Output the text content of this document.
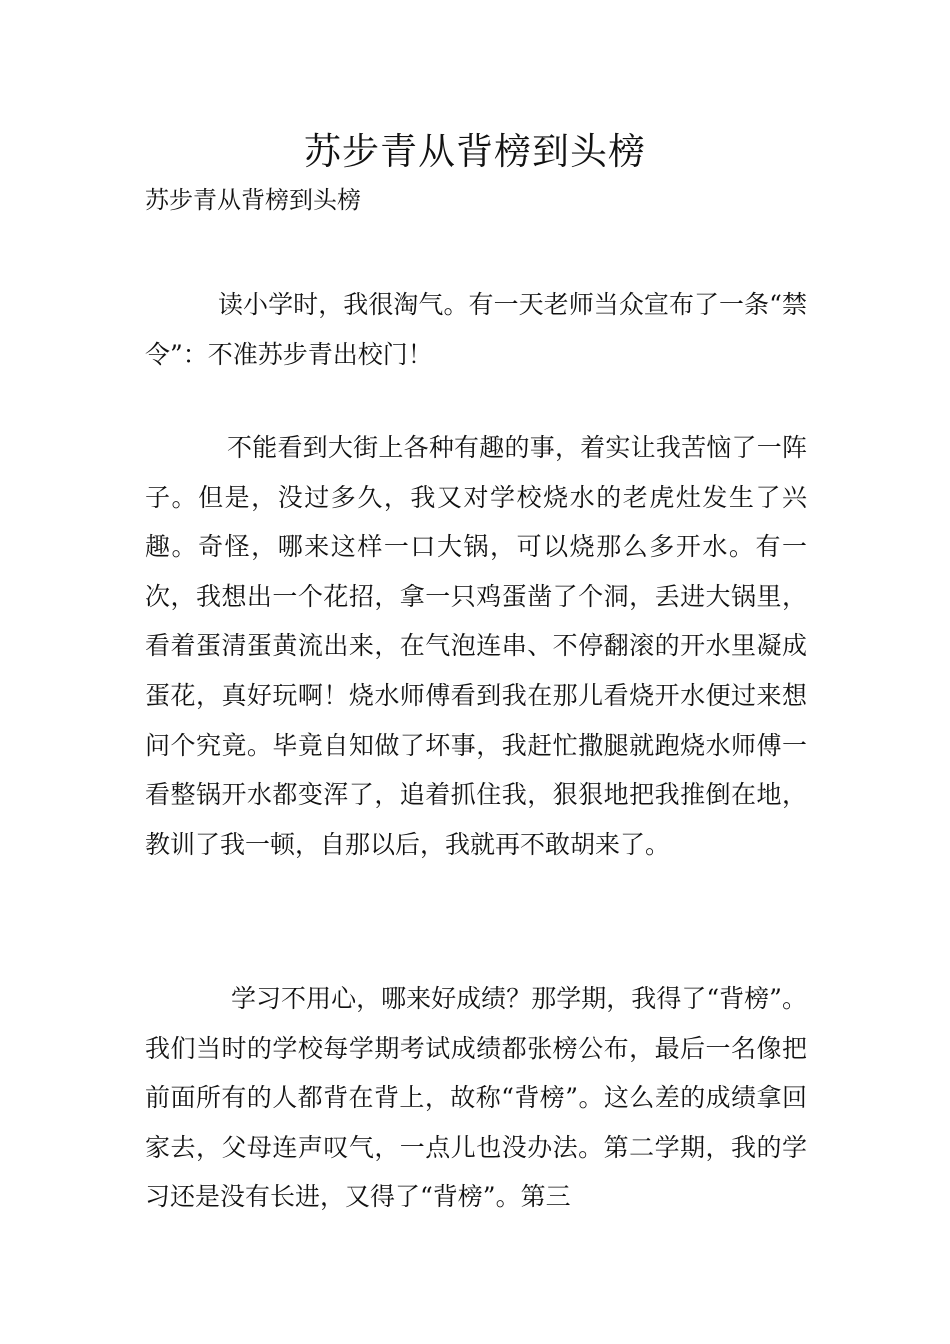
苏步青从背榜到头榜

苏步青从背榜到头榜

读小学时，我很淘气。有一天老师当众宣布了一条“禁令”：不准苏步青出校门！

不能看到大街上各种有趣的事，着实让我苦恼了一阵子。但是，没过多久，我又对学校烧水的老虎灶发生了兴趣。奇怪，哪来这样一口大锅，可以烧那么多开水。有一次，我想出一个花招，拿一只鸡蛋凿了个洞，丢进大锅里，看着蛋清蛋黄流出来，在气泡连串、不停翻滚的开水里凝成蛋花，真好玩啊！烧水师傅看到我在那儿看烧开水便过来想问个究竟。毕竟自知做了坏事，我赶忙撒腿就跑烧水师傅一看整锅开水都变浑了，追着抓住我，狠狠地把我推倒在地，教训了我一顿，自那以后，我就再不敢胡来了。

学习不用心，哪来好成绩？那学期，我得了“背榜”。我们当时的学校每学期考试成绩都张榜公布，最后一名像把前面所有的人都背在背上，故称“背榜”。这么差的成绩拿回家去，父母连声叹气，一点儿也没办法。第二学期，我的学习还是没有长进，又得了“背榜”。第三
